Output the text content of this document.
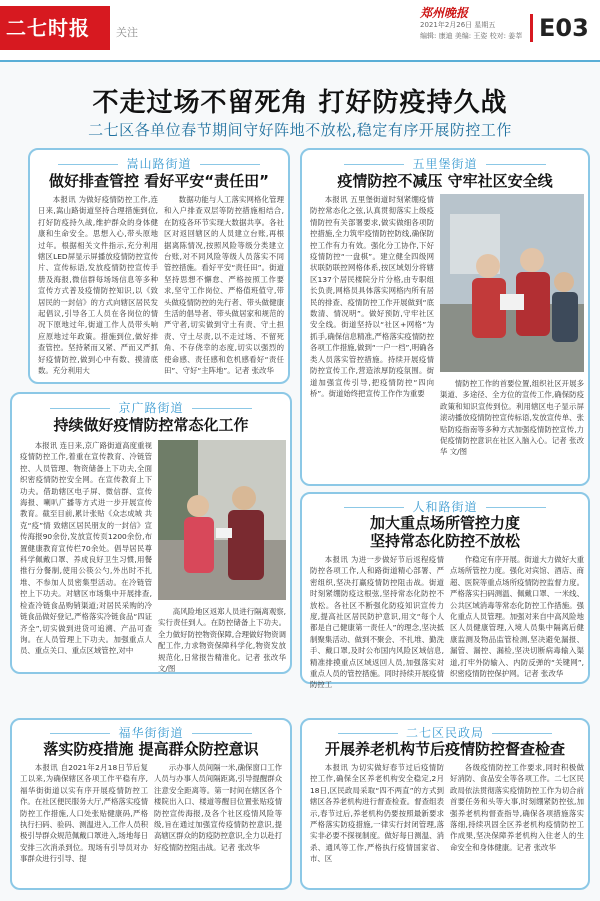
二七时报	关注
郑州晚报
2021年2月26日 星期五
编辑: 康迪 美编: 王姿 校对: 姜莘 E03
不走过场不留死角 打好防疫持久战
二七区各单位春节期间守好阵地不放松,稳定有序开展防控工作
嵩山路街道
做好排查管控 看好平安“责任田”
本报讯 为做好疫情防控工作,连日来,嵩山路街道坚持合理措施到位,打好防疫持久战,维护群众的身体健康和生命安全。思想入心,带头原地过年。根据相关文件指示,充分利用辖区LED屏显示屏播放疫情防控宣传片、宣传标语,发放疫情防控宣传手册及海报,微信群每场场信息等多种宣传方式普及疫情防控知识,以《致居民的一封信》的方式向辖区居民发起倡议,引导各工人员在各岗位的情况下原地过年,街道工作人员带头响应原地过年政策。措施到位,做好排查管控。坚持紧而又紧、严而又严抓好疫情防控,做到心中有数、摸清底数。充分利用大
数据功能与人工落实网格化管理和入户排查双层等防控措施相结合,在防疫各环节实现大数据共享。各社区对返回辖区的人员建立台账,再根据离陈情况,按照风险等级分类建立台账,对不同风险等级人员落实不同管控措施。看好平安“责任田”。街道坚持思想不懈怠、严格按照工作要求,坚守工作岗位、严格值班值守,带头做疫情防控的先行者、带头做健康生活的倡导者、带头做居家和规范的严守者,切实做到守土有责、守土担责、守土尽责,以不走过场、不留死角、不存侥幸的态度,切实以强烈的使命感、责任感和危机感看好“责任田”、守好“主阵地”。记者 张改华
五里堡街道
疫情防控不减压 守牢社区安全线
本报讯 五里堡街道时刻紧绷疫情防控常态化之弦,认真贯彻落实上级疫情防控有关部署要求,做实做细各项防控措施,全力筑牢疫情防控防线,确保防控工作有力有效。强化分工协作,下好疫情防控“一盘棋”。建立健全四级网状联防联控网格体系,按区域划分将辖区137个居民楼院分片分格,由专职组长负责,网格员具体落实网格内所有居民的排查、疫情防控工作开展做到“底数清、情况明”。做好预防,守牢社区安全线。街道坚持以“社区+网格”为抓手,确保信息精准,严格落实疫情防控各项工作措施,做到“一户一档”,明确各类人员落实管控措施。持续开展疫情防控宣传工作,营造浓厚防疫氛围。街道加强宣传引导,把疫情防控“四向桥”。街道始终把宣传工作作为重要
情防控工作的首要位置,组织社区开展多渠道、多途径、全方位的宣传工作,确保防疫政策和知识宣传到位。利用辖区电子显示屏滚动播放疫情防控宣传标语,发放宣传单、张贴防疫指南等多种方式加强疫情防控宣传,力促疫情防控意识在社区入脑入心。记者 张改华 文/图
京广路街道
持续做好疫情防控常态化工作
本报讯 连日来,京广路街道高度重视疫情防控工作,着重在宣传教育、冷链管控、人员管理、物资储备上下功夫,全面织密疫情防控安全网。在宣传教育上下功夫。借助辖区电子屏、微信群、宣传海报、喇叭广播等方式进一步开展宣传教育。截至目前,累计张贴《众志成城 共克“疫”情 致辖区居民朋友的一封信》宣传海报90余份,发放宣传页1200余份,布置健康教育宣传栏70余处。倡导居民尊科学佩戴口罩、养成良好卫生习惯,用餐推行分餐制,使用公筷公勺,外出时不扎堆、不参加人员密集型活动。在冷链管控上下功夫。对辖区市场集中开展排查,检查冷链食品购销渠道;对居民采购的冷链食品做好登记,严格落实冷链食品“四证齐全”,切实做到进货可追溯、产品可查询。在人员管理上下功夫。加强重点人员、重点关口、重点区域管控,对中
高风险地区返郑人员进行隔离观察,实行责任到人。在防控储备上下功夫。全力做好防控物资保障,合理做好物资调配工作,力求物资保障科学化,物资发放规范化,日常报告精准化。记者 张改华 文/图
人和路街道
加大重点场所管控力度
坚持常态化防控不放松
本报讯 为进一步做好节后返程疫情防控各项工作,人和路街道精心部署、严密组织,坚决打赢疫情防控阻击战。街道时刻紧绷防疫这根弦,坚持常态化防控不放松。各社区不断强化防疫知识宣传力度,提高社区居民防护意识,用文“每个人都是自己健康第一责任人”的理念,坚决抵制聚集活动、做到不聚会、不扎堆、勤洗手、戴口罩,及时公布国内风险区域信息,精准排摸重点区域返回人员,加强落实对重点人员的管控措施。同时持续开展疫情防控工
作稳定有序开展。街道大力做好大重点场所管控力度。强化对宾馆、酒店、商超、医院等重点场所疫情防控监督力度。严格落实扫码测温、佩戴口罩、一米线、公共区域消毒等常态化防控工作措施。强化重点人员管理。加强对来自中高风险地区人员健康管理,入境人员集中隔离后健康监测及物品监管检测,坚决避免漏报、漏管、漏控、漏检,坚决切断病毒输入渠道,打牢外防输入、内防反弹的“关键网”,织密疫情防控保护网。记者 张改华
福华街街道
落实防疫措施 提高群众防控意识
本报讯 自2021年2月18日节后复工以来,为确保辖区各项工作平稳有序,福华街街道以实有序开展疫情防控工作。在社区便民服务大厅,严格落实疫情防控工作措施,人口处张贴健康码,严格执行扫码、验码、测温进入,工作人员积极引导群众规范佩戴口罩进入,场地每日安排三次消杀到位。现场有引导员对办事群众进行引导、提
示办事人员间隔一米,确保窗口工作人员与办事人员间隔距离,引导提醒群众注意安全距离等。第一时间在辖区各个楼院出入口、楼道等醒目位置张贴疫情防控宣传海报,及各个社区疫情风险等级,旨在通过加强宣传疫情防控意识,提高辖区群众的防疫防控意识,全力以赴打好疫情防控阻击战。记者 张改华
二七区民政局
开展养老机构节后疫情防控督查检查
本报讯 为切实做好春节过后疫情防控工作,确保全区养老机构安全稳定,2月18日,区民政局采取“四不两直”的方式到辖区各养老机构进行督查检查。督查组表示,春节过后,养老机构仍要按照最新要求严格落实防疫措施,一律实行封闭管理,落实非必要不探视制度。做好每日测温、消杀、通风等工作,严格执行疫情国家省、市、区
各级疫情防控工作要求,同时积极做好消防、食品安全等各项工作。二七区民政局依法贯彻落实疫情防控工作为切合前首要任务和头等大事,时刻绷紧防控弦,加强养老机构督查指导,确保各项措施落实落细,持续巩固全区养老机构疫情防控工作成果,坚决保障养老机构入住老人的生命安全和身体健康。记者 张改华
